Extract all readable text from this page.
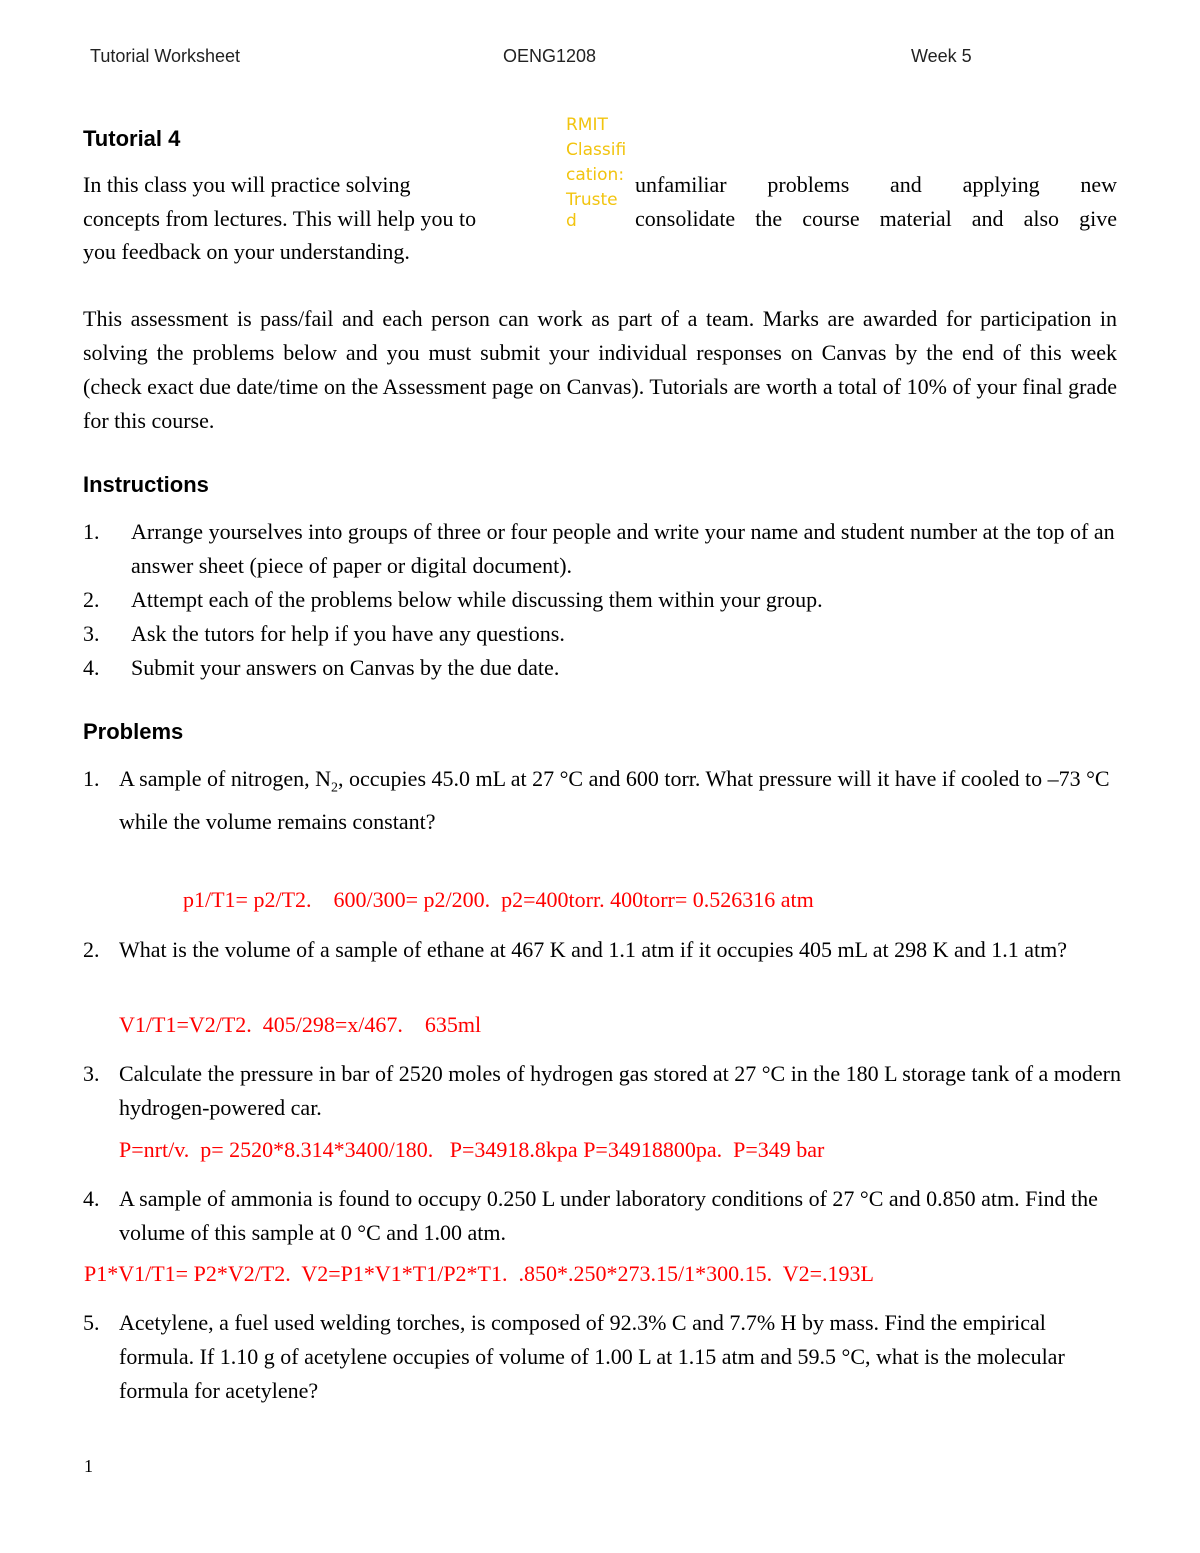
Tutorial Worksheet	OENG1208	Week 5
Tutorial 4
In this class you will practice solving	unfamiliar problems and applying new
concepts from lectures. This will help you to	consolidate the course material and also give
you feedback on your understanding.
RMIT
Classifi
cation:
Truste
d
This assessment is pass/fail and each person can work as part of a team. Marks are awarded for participation in solving the problems below and you must submit your individual responses on Canvas by the end of this week (check exact due date/time on the Assessment page on Canvas). Tutorials are worth a total of 10% of your final grade for this course.
Instructions
1. Arrange yourselves into groups of three or four people and write your name and student number at the top of an answer sheet (piece of paper or digital document).
2. Attempt each of the problems below while discussing them within your group.
3. Ask the tutors for help if you have any questions.
4. Submit your answers on Canvas by the due date.
Problems
1. A sample of nitrogen, $N_2$, occupies 45.0 mL at 27 °C and 600 torr. What pressure will it have if cooled to –73 °C while the volume remains constant?
p1/T1= p2/T2.    600/300= p2/200.  p2=400torr. 400torr= 0.526316 atm
2. What is the volume of a sample of ethane at 467 K and 1.1 atm if it occupies 405 mL at 298 K and 1.1 atm?
V1/T1=V2/T2.  405/298=x/467.    635ml
3. Calculate the pressure in bar of 2520 moles of hydrogen gas stored at 27 °C in the 180 L storage tank of a modern hydrogen-powered car.
P=nrt/v.  p= 2520*8.314*3400/180.   P=34918.8kpa P=34918800pa.  P=349 bar
4. A sample of ammonia is found to occupy 0.250 L under laboratory conditions of 27 °C and 0.850 atm. Find the volume of this sample at 0 °C and 1.00 atm.
P1*V1/T1= P2*V2/T2.  V2=P1*V1*T1/P2*T1.  .850*.250*273.15/1*300.15.  V2=.193L
5. Acetylene, a fuel used welding torches, is composed of 92.3% C and 7.7% H by mass. Find the empirical formula. If 1.10 g of acetylene occupies of volume of 1.00 L at 1.15 atm and 59.5 °C, what is the molecular formula for acetylene?
1
